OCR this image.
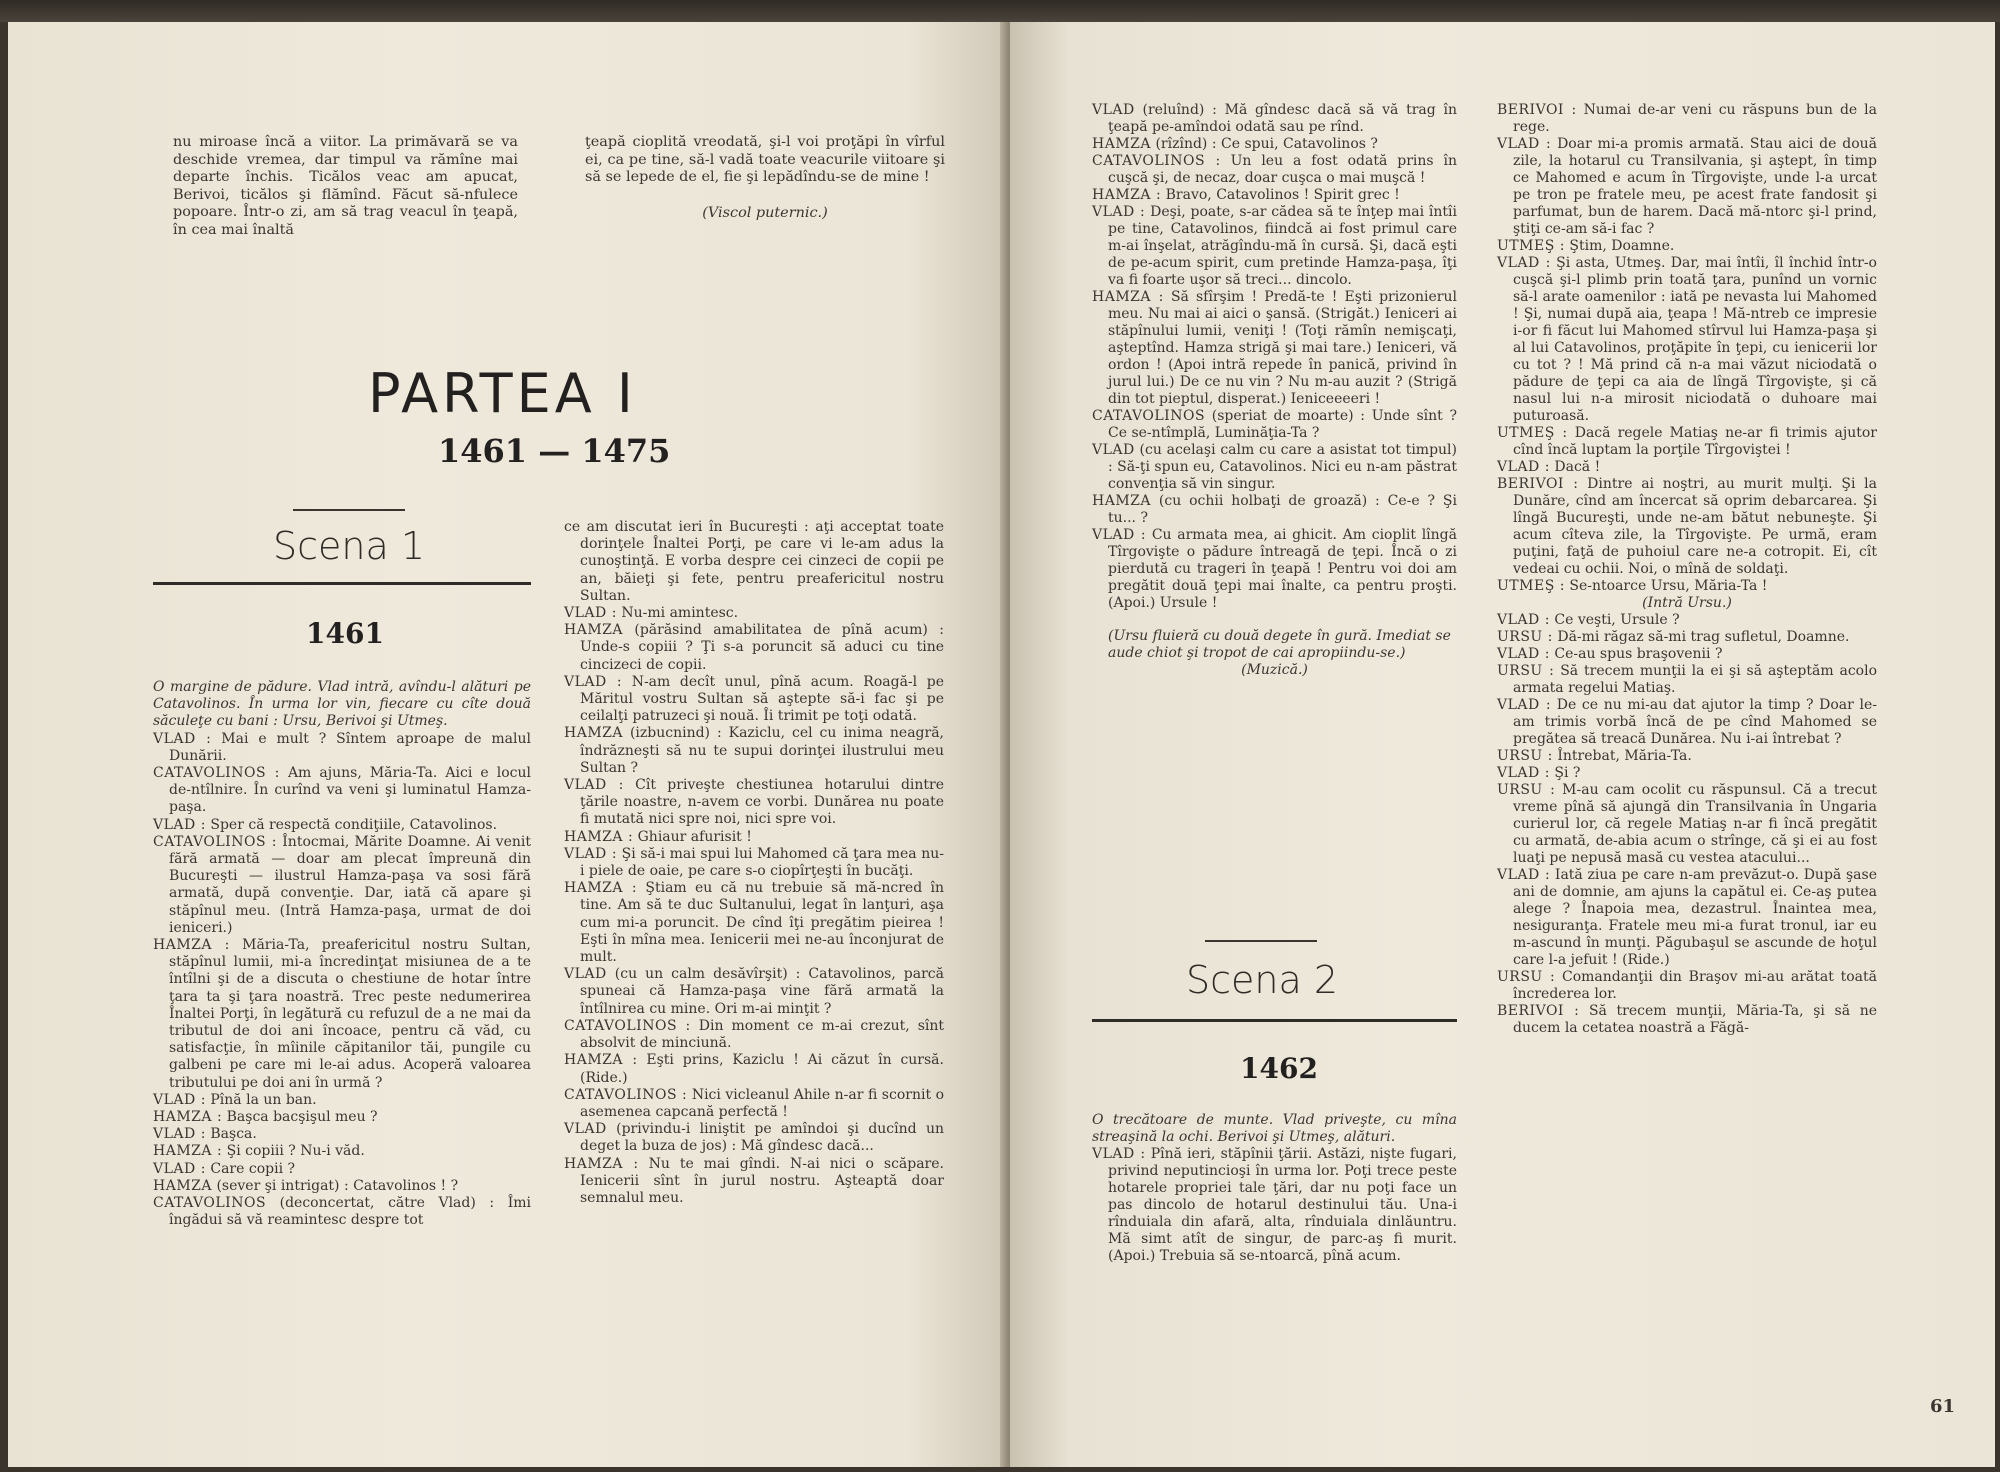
nu miroase încă a viitor. La primăvară se va deschide vremea, dar timpul va rămîne mai departe închis. Ticălos veac am apucat, Berivoi, ticălos şi flămînd. Făcut să-nfulece popoare. Într-o zi, am să trag veacul în ţeapă, în cea mai înaltă

ţeapă cioplită vreodată, şi-l voi proţăpi în vîrful ei, ca pe tine, să-l vadă toate veacurile viitoare şi să se lepede de el, fie şi lepădîndu-se de mine !

(Viscol puternic.)

PARTEA I
1461 — 1475
Scena 1
1461

O margine de pădure. Vlad intră, avîndu-l alături pe Catavolinos. În urma lor vin, fiecare cu cîte două săculeţe cu bani : Ursu, Berivoi şi Utmeş.

VLAD : Mai e mult ? Sîntem aproape de malul Dunării.

CATAVOLINOS : Am ajuns, Măria-Ta. Aici e locul de-ntîlnire. În curînd va veni şi luminatul Hamza-paşa.

VLAD : Sper că respectă condiţiile, Catavolinos.

CATAVOLINOS : Întocmai, Mărite Doamne. Ai venit fără armată — doar am plecat împreună din Bucureşti — ilustrul Hamza-paşa va sosi fără armată, după convenţie. Dar, iată că apare şi stăpînul meu. (Intră Hamza-paşa, urmat de doi ieniceri.)

HAMZA : Măria-Ta, preafericitul nostru Sultan, stăpînul lumii, mi-a încredinţat misiunea de a te întîlni şi de a discuta o chestiune de hotar între ţara ta şi ţara noastră. Trec peste nedumerirea Înaltei Porţi, în legătură cu refuzul de a ne mai da tributul de doi ani încoace, pentru că văd, cu satisfacţie, în mîinile căpitanilor tăi, pungile cu galbeni pe care mi le-ai adus. Acoperă valoarea tributului pe doi ani în urmă ?

VLAD : Pînă la un ban.

HAMZA : Başca bacşişul meu ?

VLAD : Başca.

HAMZA : Şi copiii ? Nu-i văd.

VLAD : Care copii ?

HAMZA (sever şi intrigat) : Catavolinos ! ?

CATAVOLINOS (deconcertat, către Vlad) : Îmi îngădui să vă reamintesc despre tot

ce am discutat ieri în Bucureşti : aţi acceptat toate dorinţele Înaltei Porţi, pe care vi le-am adus la cunoştinţă. E vorba despre cei cinzeci de copii pe an, băieţi şi fete, pentru preafericitul nostru Sultan.

VLAD : Nu-mi amintesc.

HAMZA (părăsind amabilitatea de pînă acum) : Unde-s copiii ? Ţi s-a poruncit să aduci cu tine cincizeci de copii.

VLAD : N-am decît unul, pînă acum. Roagă-l pe Măritul vostru Sultan să aştepte să-i fac şi pe ceilalţi patruzeci şi nouă. Îi trimit pe toţi odată.

HAMZA (izbucnind) : Kaziclu, cel cu inima neagră, îndrăzneşti să nu te supui dorinţei ilustrului meu Sultan ?

VLAD : Cît priveşte chestiunea hotarului dintre ţările noastre, n-avem ce vorbi. Dunărea nu poate fi mutată nici spre noi, nici spre voi.

HAMZA : Ghiaur afurisit !

VLAD : Şi să-i mai spui lui Mahomed că ţara mea nu-i piele de oaie, pe care s-o ciopîrţeşti în bucăţi.

HAMZA : Ştiam eu că nu trebuie să mă-ncred în tine. Am să te duc Sultanului, legat în lanţuri, aşa cum mi-a poruncit. De cînd îţi pregătim pieirea ! Eşti în mîna mea. Ienicerii mei ne-au înconjurat de mult.

VLAD (cu un calm desăvîrşit) : Catavolinos, parcă spuneai că Hamza-paşa vine fără armată la întîlnirea cu mine. Ori m-ai minţit ?

CATAVOLINOS : Din moment ce m-ai crezut, sînt absolvit de minciună.

HAMZA : Eşti prins, Kaziclu ! Ai căzut în cursă. (Ride.)

CATAVOLINOS : Nici vicleanul Ahile n-ar fi scornit o asemenea capcană perfectă !

VLAD (privindu-i liniştit pe amîndoi şi ducînd un deget la buza de jos) : Mă gîndesc dacă...

HAMZA : Nu te mai gîndi. N-ai nici o scăpare. Ienicerii sînt în jurul nostru. Aşteaptă doar semnalul meu.

VLAD (reluînd) : Mă gîndesc dacă să vă trag în ţeapă pe-amîndoi odată sau pe rînd.

HAMZA (rîzînd) : Ce spui, Catavolinos ?

CATAVOLINOS : Un leu a fost odată prins în cuşcă şi, de necaz, doar cuşca o mai muşcă !

HAMZA : Bravo, Catavolinos ! Spirit grec !

VLAD : Deşi, poate, s-ar cădea să te înţep mai întîi pe tine, Catavolinos, fiindcă ai fost primul care m-ai înşelat, atrăgîndu-mă în cursă. Şi, dacă eşti de pe-acum spirit, cum pretinde Hamza-paşa, îţi va fi foarte uşor să treci... dincolo.

HAMZA : Să sfîrşim ! Predă-te ! Eşti prizonierul meu. Nu mai ai aici o şansă. (Strigăt.) Ieniceri ai stăpînului lumii, veniţi ! (Toţi rămîn nemişcaţi, aşteptînd. Hamza strigă şi mai tare.) Ieniceri, vă ordon ! (Apoi intră repede în panică, privind în jurul lui.) De ce nu vin ? Nu m-au auzit ? (Strigă din tot pieptul, disperat.) Ieniceeeeri !

CATAVOLINOS (speriat de moarte) : Unde sînt ? Ce se-ntîmplă, Luminăţia-Ta ?

VLAD (cu acelaşi calm cu care a asistat tot timpul) : Să-ţi spun eu, Catavolinos. Nici eu n-am păstrat convenţia să vin singur.

HAMZA (cu ochii holbaţi de groază) : Ce-e ? Şi tu... ?

VLAD : Cu armata mea, ai ghicit. Am cioplit lîngă Tîrgovişte o pădure întreagă de ţepi. Încă o zi pierdută cu trageri în ţeapă ! Pentru voi doi am pregătit două ţepi mai înalte, ca pentru proşti. (Apoi.) Ursule !

(Ursu fluieră cu două degete în gură. Imediat se aude chiot şi tropot de cai apropiindu-se.)

(Muzică.)

Scena 2
1462

O trecătoare de munte. Vlad priveşte, cu mîna streaşină la ochi. Berivoi şi Utmeş, alături.

VLAD : Pînă ieri, stăpînii ţării. Astăzi, nişte fugari, privind neputincioşi în urma lor. Poţi trece peste hotarele propriei tale ţări, dar nu poţi face un pas dincolo de hotarul destinului tău. Una-i rînduiala din afară, alta, rînduiala dinlăuntru. Mă simt atît de singur, de parc-aş fi murit. (Apoi.) Trebuia să se-ntoarcă, pînă acum.

BERIVOI : Numai de-ar veni cu răspuns bun de la rege.

VLAD : Doar mi-a promis armată. Stau aici de două zile, la hotarul cu Transilvania, şi aştept, în timp ce Mahomed e acum în Tîrgovişte, unde l-a urcat pe tron pe fratele meu, pe acest frate fandosit şi parfumat, bun de harem. Dacă mă-ntorc şi-l prind, ştiţi ce-am să-i fac ?

UTMEŞ : Ştim, Doamne.

VLAD : Şi asta, Utmeş. Dar, mai întîi, îl închid într-o cuşcă şi-l plimb prin toată ţara, punînd un vornic să-l arate oamenilor : iată pe nevasta lui Mahomed ! Şi, numai după aia, ţeapa ! Mă-ntreb ce impresie i-or fi făcut lui Mahomed stîrvul lui Hamza-paşa şi al lui Catavolinos, proţăpite în ţepi, cu ienicerii lor cu tot ? ! Mă prind că n-a mai văzut niciodată o pădure de ţepi ca aia de lîngă Tîrgovişte, şi că nasul lui n-a mirosit niciodată o duhoare mai puturoasă.

UTMEŞ : Dacă regele Matiaş ne-ar fi trimis ajutor cînd încă luptam la porţile Tîrgoviştei !

VLAD : Dacă !

BERIVOI : Dintre ai noştri, au murit mulţi. Şi la Dunăre, cînd am încercat să oprim debarcarea. Şi lîngă Bucureşti, unde ne-am bătut nebuneşte. Şi acum cîteva zile, la Tîrgovişte. Pe urmă, eram puţini, faţă de puhoiul care ne-a cotropit. Ei, cît vedeai cu ochii. Noi, o mînă de soldaţi.

UTMEŞ : Se-ntoarce Ursu, Măria-Ta !

(Intră Ursu.)

VLAD : Ce veşti, Ursule ?

URSU : Dă-mi răgaz să-mi trag sufletul, Doamne.

VLAD : Ce-au spus braşovenii ?

URSU : Să trecem munţii la ei şi să aşteptăm acolo armata regelui Matiaş.

VLAD : De ce nu mi-au dat ajutor la timp ? Doar le-am trimis vorbă încă de pe cînd Mahomed se pregătea să treacă Dunărea. Nu i-ai întrebat ?

URSU : Întrebat, Măria-Ta.

VLAD : Şi ?

URSU : M-au cam ocolit cu răspunsul. Că a trecut vreme pînă să ajungă din Transilvania în Ungaria curierul lor, că regele Matiaş n-ar fi încă pregătit cu armată, de-abia acum o strînge, că şi ei au fost luaţi pe nepusă masă cu vestea atacului...

VLAD : Iată ziua pe care n-am prevăzut-o. După şase ani de domnie, am ajuns la capătul ei. Ce-aş putea alege ? Înapoia mea, dezastrul. Înaintea mea, nesiguranţa. Fratele meu mi-a furat tronul, iar eu m-ascund în munţi. Păgubaşul se ascunde de hoţul care l-a jefuit ! (Ride.)

URSU : Comandanţii din Braşov mi-au arătat toată încrederea lor.

BERIVOI : Să trecem munţii, Măria-Ta, şi să ne ducem la cetatea noastră a Făgă-

61
